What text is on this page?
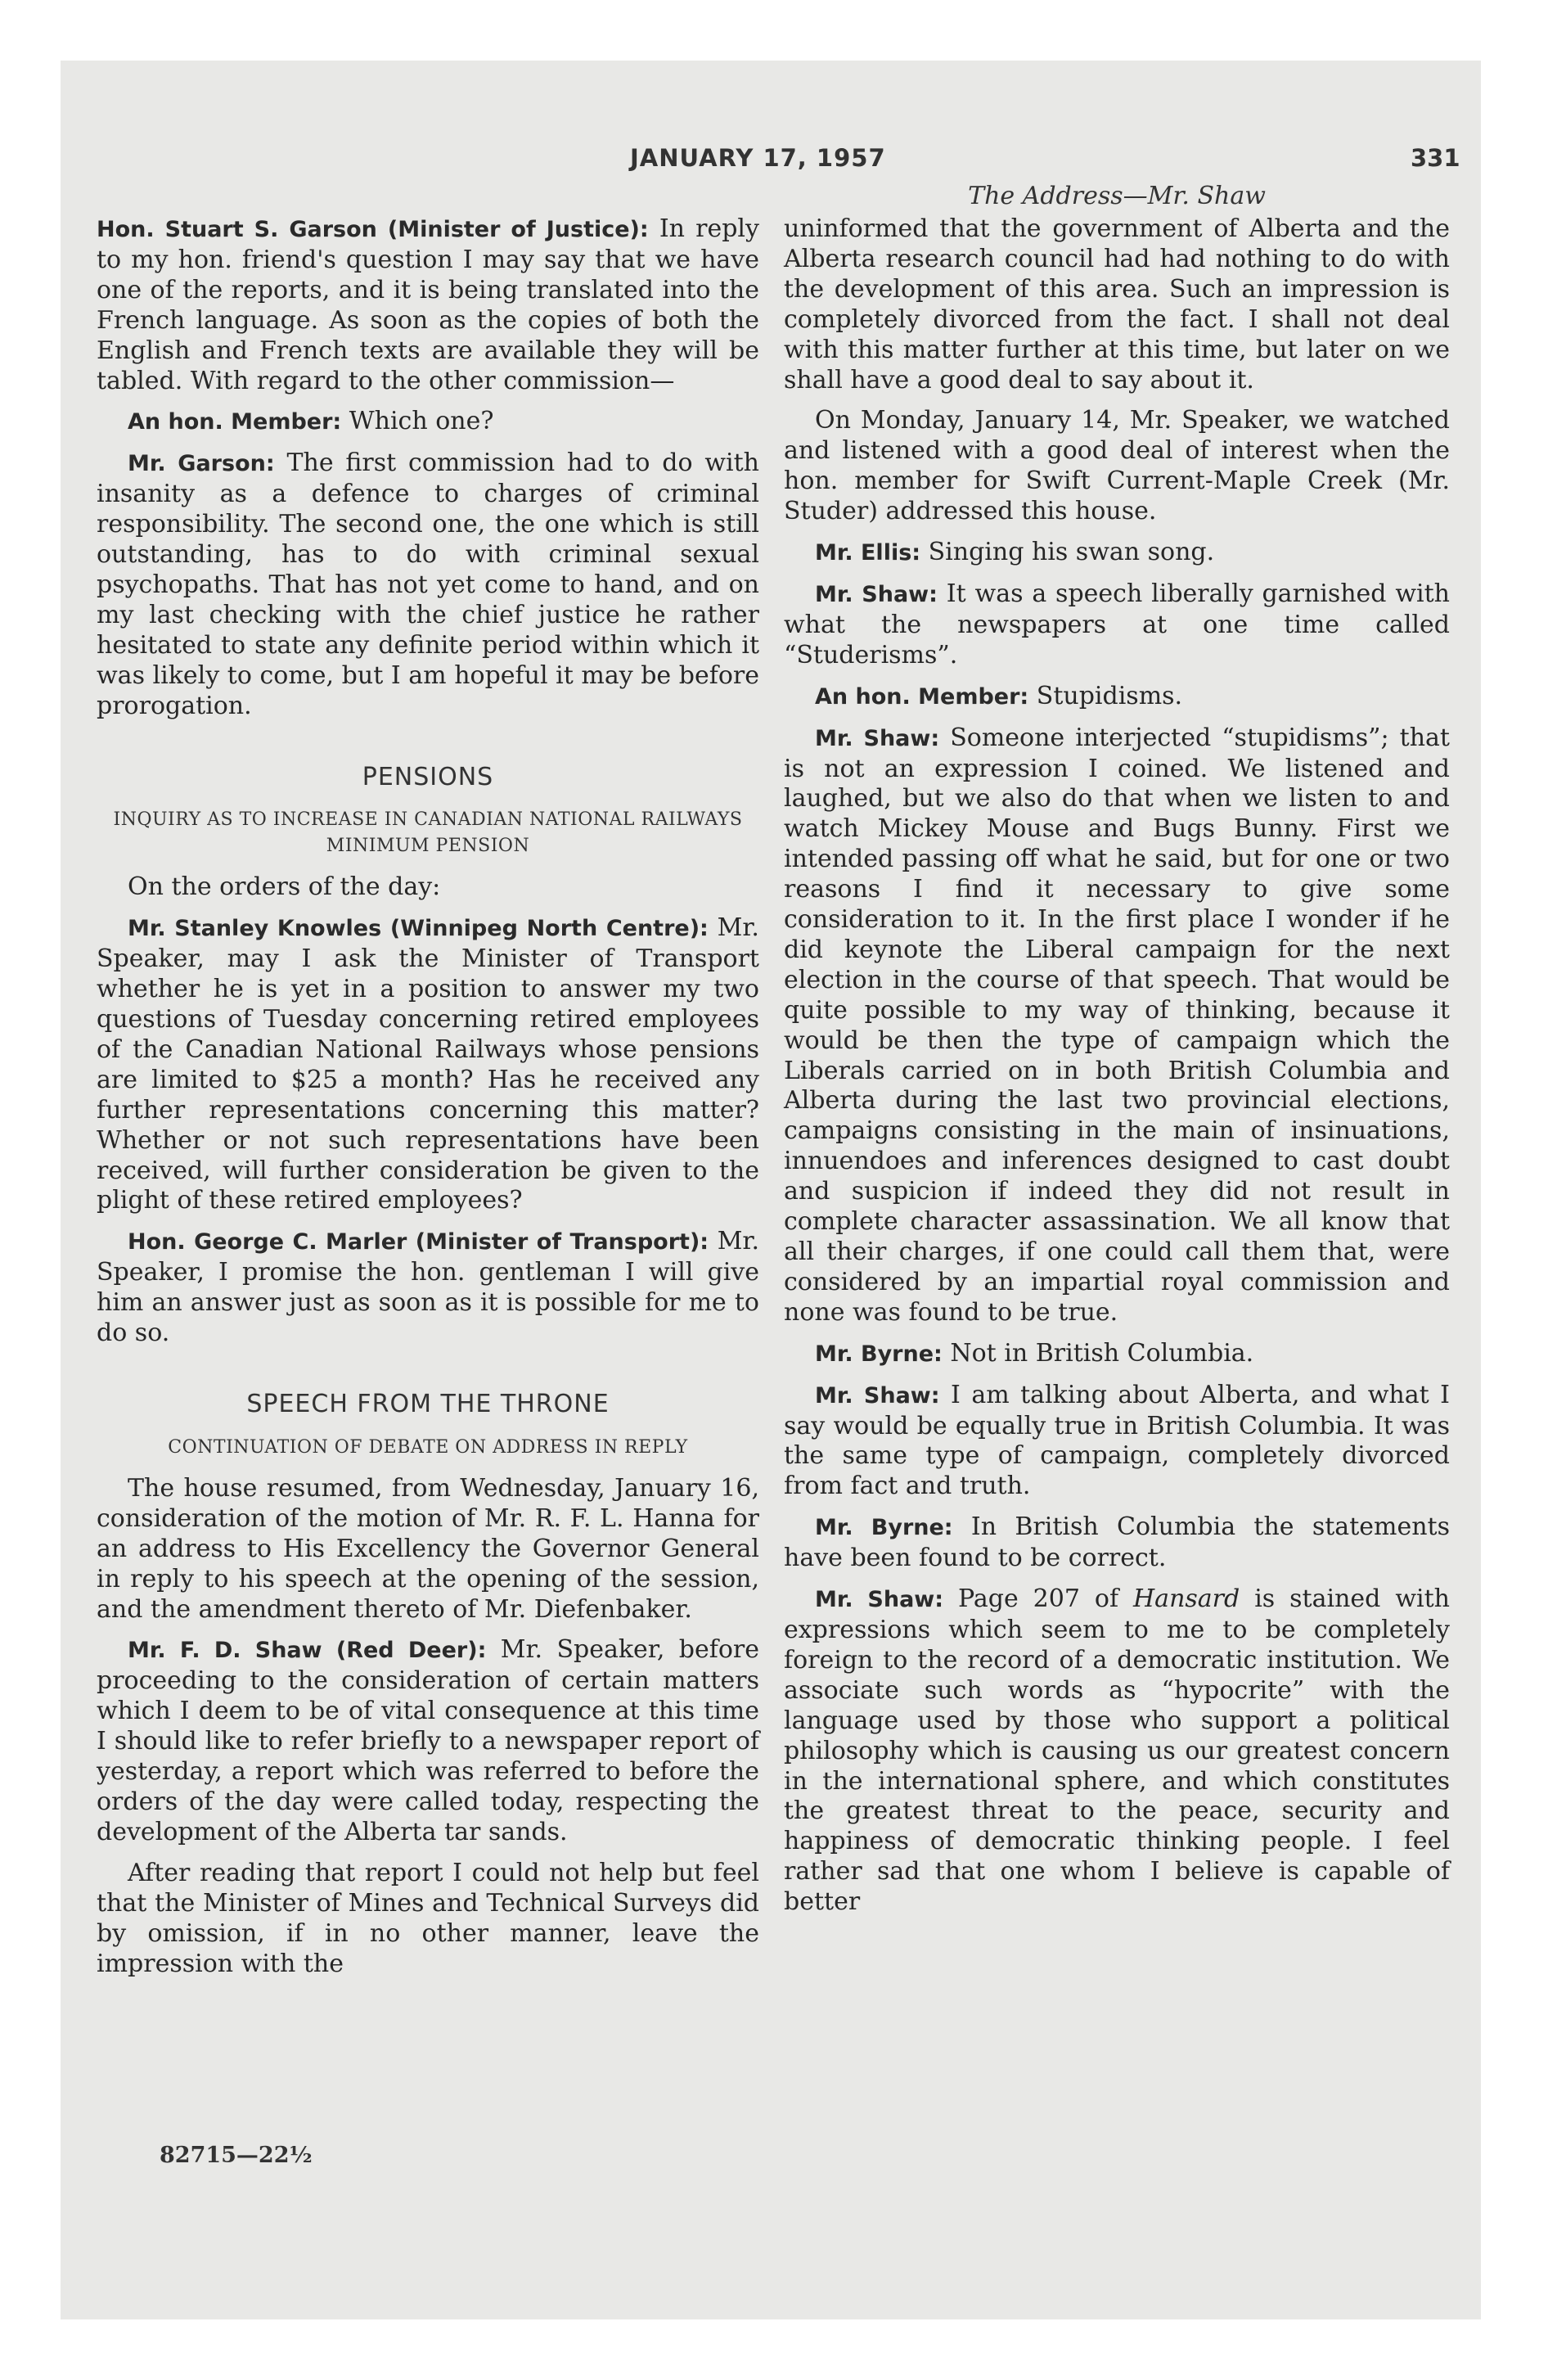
JANUARY 17, 1957	331
The Address—Mr. Shaw

Hon. Stuart S. Garson (Minister of Justice): In reply to my hon. friend's question I may say that we have one of the reports, and it is being translated into the French language. As soon as the copies of both the English and French texts are available they will be tabled. With regard to the other commission—

An hon. Member: Which one?

Mr. Garson: The first commission had to do with insanity as a defence to charges of criminal responsibility. The second one, the one which is still outstanding, has to do with criminal sexual psychopaths. That has not yet come to hand, and on my last checking with the chief justice he rather hesitated to state any definite period within which it was likely to come, but I am hopeful it may be before prorogation.

PENSIONS
INQUIRY AS TO INCREASE IN CANADIAN NATIONAL RAILWAYS MINIMUM PENSION

On the orders of the day:

Mr. Stanley Knowles (Winnipeg North Centre): Mr. Speaker, may I ask the Minister of Transport whether he is yet in a position to answer my two questions of Tuesday concerning retired employees of the Canadian National Railways whose pensions are limited to $25 a month? Has he received any further representations concerning this matter? Whether or not such representations have been received, will further consideration be given to the plight of these retired employees?

Hon. George C. Marler (Minister of Transport): Mr. Speaker, I promise the hon. gentleman I will give him an answer just as soon as it is possible for me to do so.

SPEECH FROM THE THRONE
CONTINUATION OF DEBATE ON ADDRESS IN REPLY

The house resumed, from Wednesday, January 16, consideration of the motion of Mr. R. F. L. Hanna for an address to His Excellency the Governor General in reply to his speech at the opening of the session, and the amendment thereto of Mr. Diefenbaker.

Mr. F. D. Shaw (Red Deer): Mr. Speaker, before proceeding to the consideration of certain matters which I deem to be of vital consequence at this time I should like to refer briefly to a newspaper report of yesterday, a report which was referred to before the orders of the day were called today, respecting the development of the Alberta tar sands.

After reading that report I could not help but feel that the Minister of Mines and Technical Surveys did by omission, if in no other manner, leave the impression with the

82715—22½

uninformed that the government of Alberta and the Alberta research council had had nothing to do with the development of this area. Such an impression is completely divorced from the fact. I shall not deal with this matter further at this time, but later on we shall have a good deal to say about it.

On Monday, January 14, Mr. Speaker, we watched and listened with a good deal of interest when the hon. member for Swift Current-Maple Creek (Mr. Studer) addressed this house.

Mr. Ellis: Singing his swan song.

Mr. Shaw: It was a speech liberally garnished with what the newspapers at one time called “Studerisms”.

An hon. Member: Stupidisms.

Mr. Shaw: Someone interjected “stupidisms”; that is not an expression I coined. We listened and laughed, but we also do that when we listen to and watch Mickey Mouse and Bugs Bunny. First we intended passing off what he said, but for one or two reasons I find it necessary to give some consideration to it. In the first place I wonder if he did keynote the Liberal campaign for the next election in the course of that speech. That would be quite possible to my way of thinking, because it would be then the type of campaign which the Liberals carried on in both British Columbia and Alberta during the last two provincial elections, campaigns consisting in the main of insinuations, innuendoes and inferences designed to cast doubt and suspicion if indeed they did not result in complete character assassination. We all know that all their charges, if one could call them that, were considered by an impartial royal commission and none was found to be true.

Mr. Byrne: Not in British Columbia.

Mr. Shaw: I am talking about Alberta, and what I say would be equally true in British Columbia. It was the same type of campaign, completely divorced from fact and truth.

Mr. Byrne: In British Columbia the statements have been found to be correct.

Mr. Shaw: Page 207 of Hansard is stained with expressions which seem to me to be completely foreign to the record of a democratic institution. We associate such words as “hypocrite” with the language used by those who support a political philosophy which is causing us our greatest concern in the international sphere, and which constitutes the greatest threat to the peace, security and happiness of democratic thinking people. I feel rather sad that one whom I believe is capable of better
